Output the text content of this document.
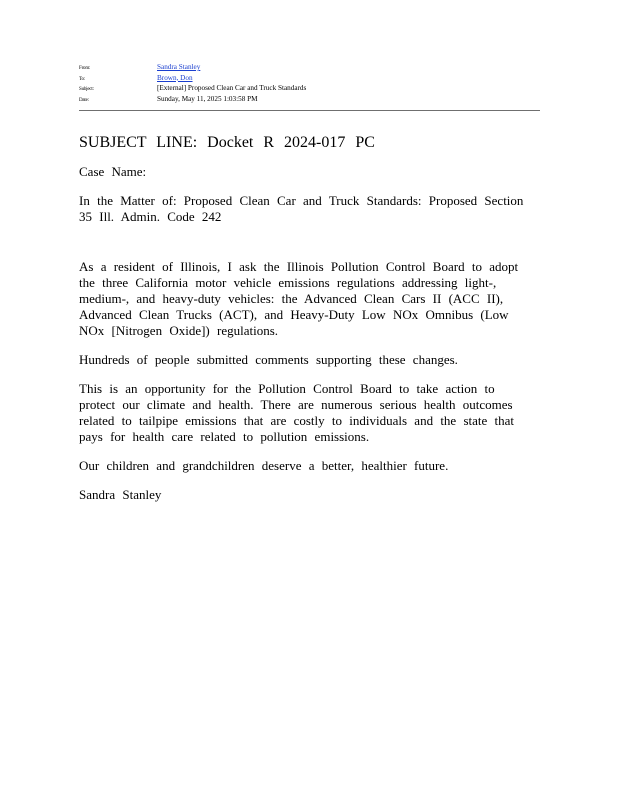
From:	Sandra Stanley
To:	Brown, Don
Subject:	[External] Proposed Clean Car and Truck Standards
Date:	Sunday, May 11, 2025 1:03:58 PM
SUBJECT LINE: Docket R 2024-017 PC

Case Name:

In the Matter of: Proposed Clean Car and Truck Standards: Proposed Section 35 Ill. Admin. Code 242

As a resident of Illinois, I ask the Illinois Pollution Control Board to adopt the three California motor vehicle emissions regulations addressing light-, medium-, and heavy-duty vehicles: the Advanced Clean Cars II (ACC II), Advanced Clean Trucks (ACT), and Heavy-Duty Low NOx Omnibus (Low NOx [Nitrogen Oxide]) regulations.

Hundreds of people submitted comments supporting these changes.

This is an opportunity for the Pollution Control Board to take action to protect our climate and health. There are numerous serious health outcomes related to tailpipe emissions that are costly to individuals and the state that pays for health care related to pollution emissions.

Our children and grandchildren deserve a better, healthier future.

Sandra Stanley
